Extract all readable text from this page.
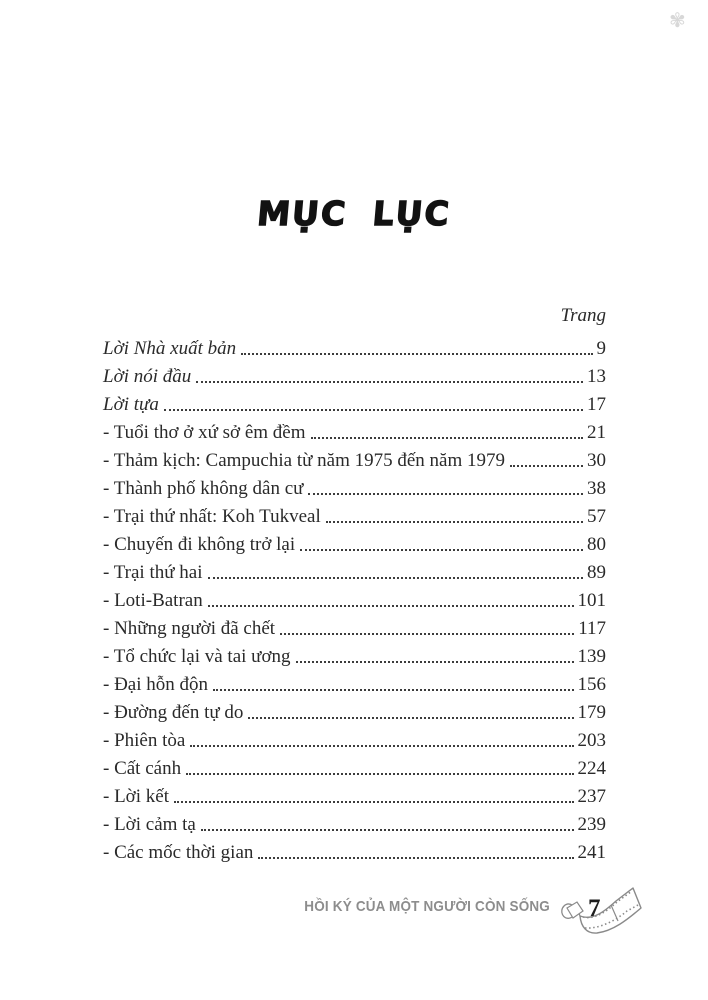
✾
MỤC LỤC
Trang
Lời Nhà xuất bản	9
Lời nói đầu	13
Lời tựa	17
- Tuổi thơ ở xứ sở êm đềm	21
- Thảm kịch: Campuchia từ năm 1975 đến năm 1979	30
- Thành phố không dân cư	38
- Trại thứ nhất: Koh Tukveal	57
- Chuyến đi không trở lại	80
- Trại thứ hai	89
- Loti-Batran	101
- Những người đã chết	117
- Tổ chức lại và tai ương	139
- Đại hỗn độn	156
- Đường đến tự do	179
- Phiên tòa	203
- Cất cánh	224
- Lời kết	237
- Lời cảm tạ	239
- Các mốc thời gian	241
HỒI KÝ CỦA MỘT NGƯỜI CÒN SỐNG 7
